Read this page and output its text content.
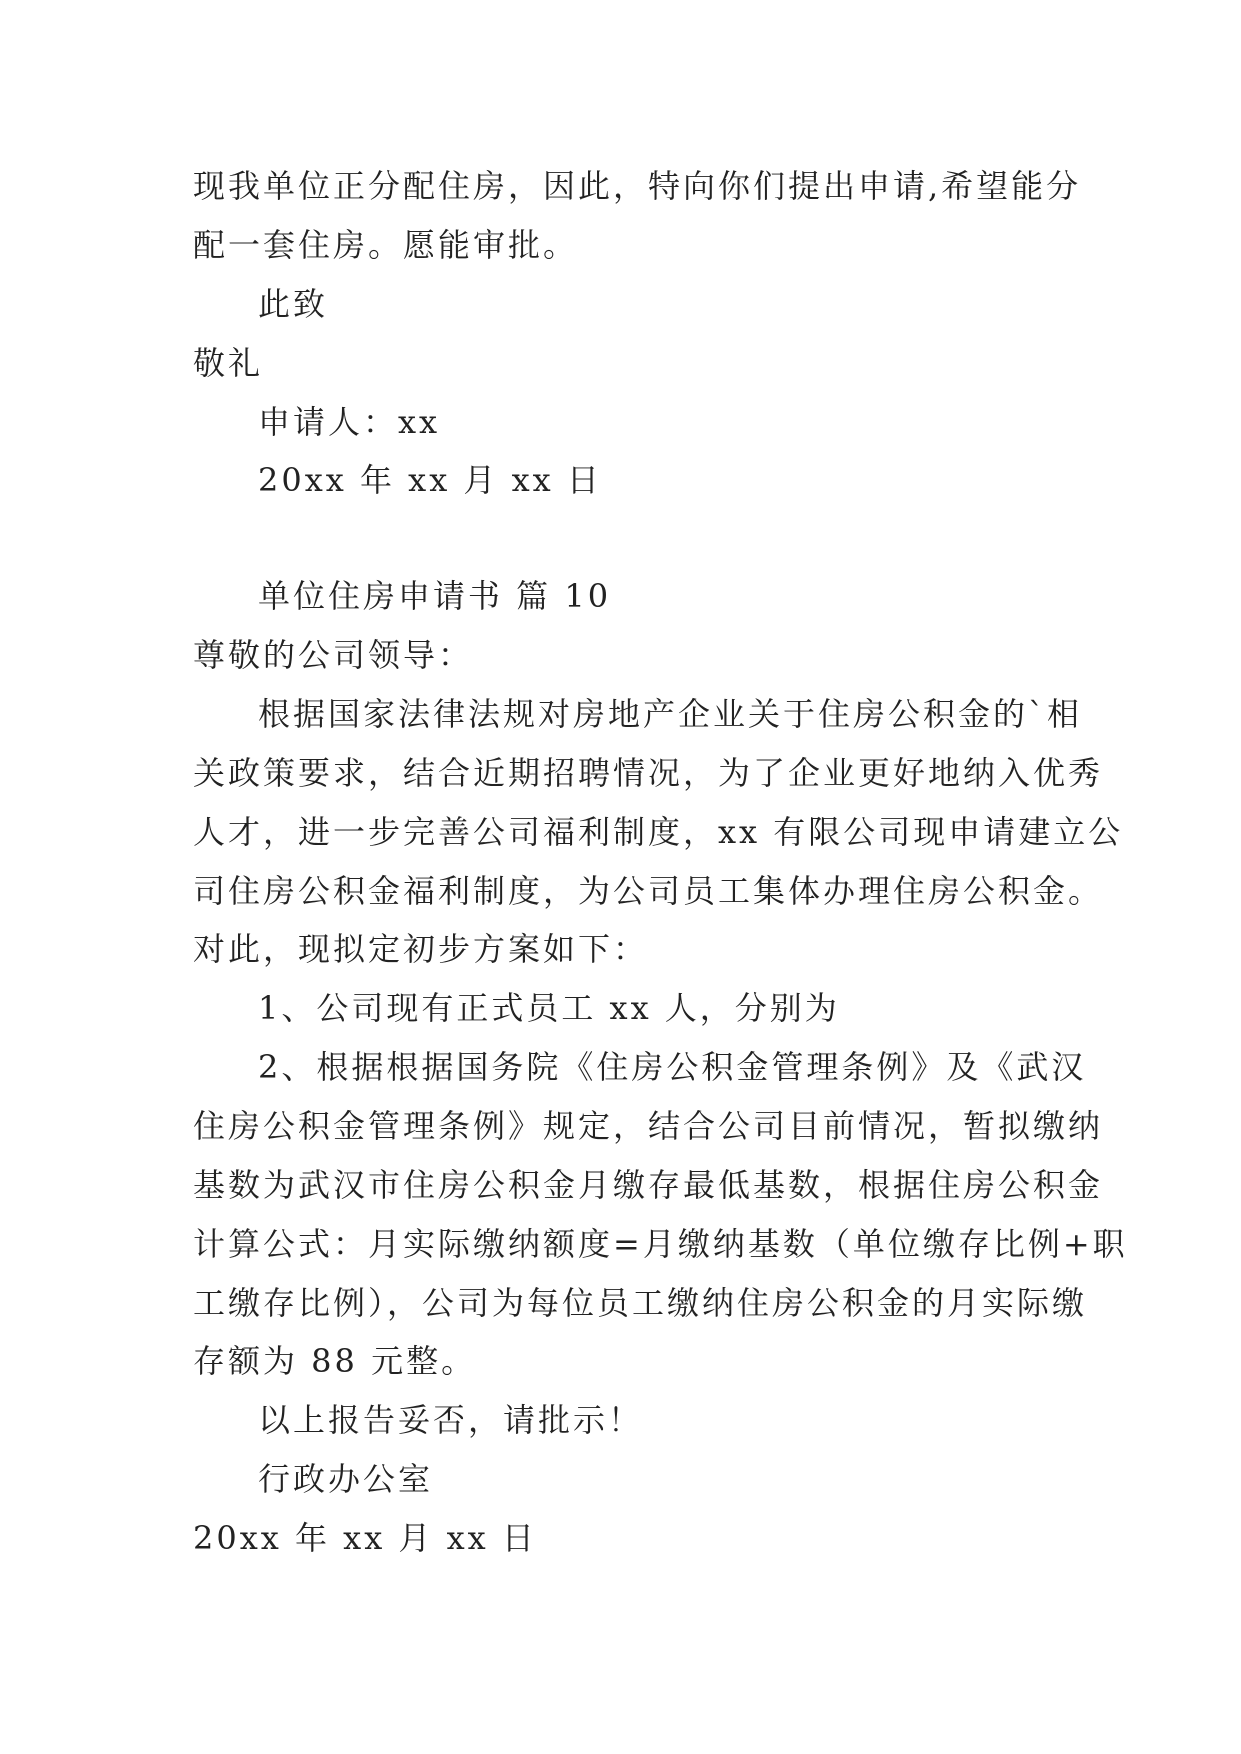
现我单位正分配住房，因此，特向你们提出申请,希望能分
配一套住房。愿能审批。
此致
敬礼
申请人：xx
20xx 年 xx 月 xx 日
单位住房申请书 篇 10
尊敬的公司领导：
根据国家法律法规对房地产企业关于住房公积金的`相
关政策要求，结合近期招聘情况，为了企业更好地纳入优秀
人才，进一步完善公司福利制度，xx 有限公司现申请建立公
司住房公积金福利制度，为公司员工集体办理住房公积金。
对此，现拟定初步方案如下：
1、公司现有正式员工 xx 人，分别为
2、根据根据国务院《住房公积金管理条例》及《武汉
住房公积金管理条例》规定，结合公司目前情况，暂拟缴纳
基数为武汉市住房公积金月缴存最低基数，根据住房公积金
计算公式：月实际缴纳额度=月缴纳基数（单位缴存比例+职
工缴存比例），公司为每位员工缴纳住房公积金的月实际缴
存额为 88 元整。
以上报告妥否，请批示！
行政办公室
20xx 年 xx 月 xx 日
